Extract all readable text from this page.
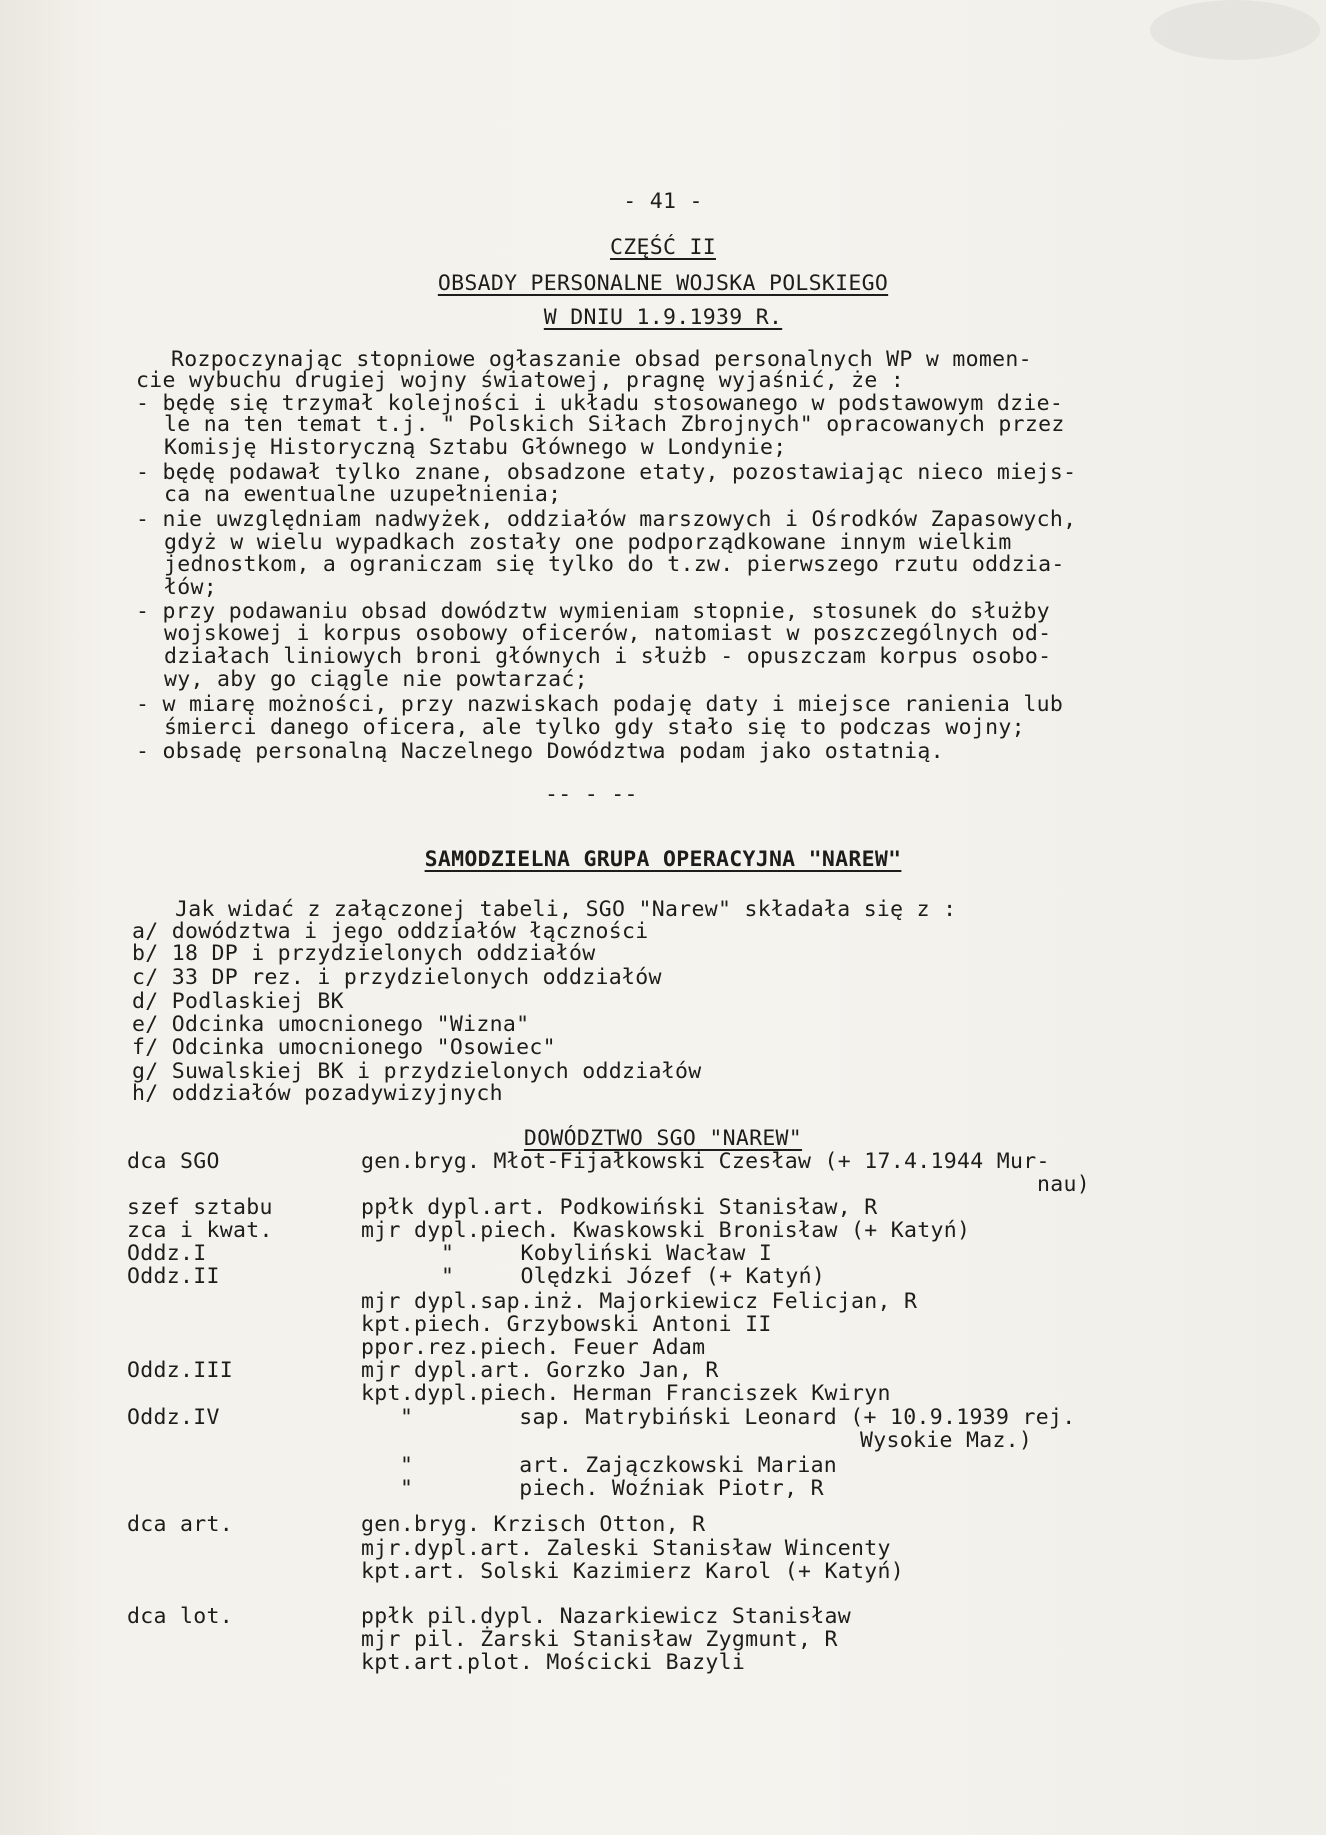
- 41 -
CZĘŚĆ II
OBSADY PERSONALNE WOJSKA POLSKIEGO
W DNIU 1.9.1939 R.
Rozpoczynając stopniowe ogłaszanie obsad personalnych WP w momen-
cie wybuchu drugiej wojny światowej, pragnę wyjaśnić, że :
- będę się trzymał kolejności i układu stosowanego w podstawowym dzie-
le na ten temat t.j. " Polskich Siłach Zbrojnych" opracowanych przez
Komisję Historyczną Sztabu Głównego w Londynie;
- będę podawał tylko znane, obsadzone etaty, pozostawiając nieco miejs-
ca na ewentualne uzupełnienia;
- nie uwzględniam nadwyżek, oddziałów marszowych i Ośrodków Zapasowych,
gdyż w wielu wypadkach zostały one podporządkowane innym wielkim
jednostkom, a ograniczam się tylko do t.zw. pierwszego rzutu oddzia-
łów;
- przy podawaniu obsad dowództw wymieniam stopnie, stosunek do służby
wojskowej i korpus osobowy oficerów, natomiast w poszczególnych od-
działach liniowych broni głównych i służb - opuszczam korpus osobo-
wy, aby go ciągle nie powtarzać;
- w miarę możności, przy nazwiskach podaję daty i miejsce ranienia lub
śmierci danego oficera, ale tylko gdy stało się to podczas wojny;
- obsadę personalną Naczelnego Dowództwa podam jako ostatnią.
-- - --
SAMODZIELNA GRUPA OPERACYJNA "NAREW"
Jak widać z załączonej tabeli, SGO "Narew" składała się z :
a/ dowództwa i jego oddziałów łączności
b/ 18 DP i przydzielonych oddziałów
c/ 33 DP rez. i przydzielonych oddziałów
d/ Podlaskiej BK
e/ Odcinka umocnionego "Wizna"
f/ Odcinka umocnionego "Osowiec"
g/ Suwalskiej BK i przydzielonych oddziałów
h/ oddziałów pozadywizyjnych
DOWÓDZTWO SGO "NAREW"
dca SGO	gen.bryg. Młot-Fijałkowski Czesław (+ 17.4.1944 Mur-
nau)
szef sztabu	ppłk dypl.art. Podkowiński Stanisław, R
zca i kwat.	mjr dypl.piech. Kwaskowski Bronisław (+ Katyń)
Oddz.I	"     Kobyliński Wacław I
Oddz.II	"     Olędzki Józef (+ Katyń)
mjr dypl.sap.inż. Majorkiewicz Felicjan, R
kpt.piech. Grzybowski Antoni II
ppor.rez.piech. Feuer Adam
Oddz.III	mjr dypl.art. Gorzko Jan, R
kpt.dypl.piech. Herman Franciszek Kwiryn
Oddz.IV	"        sap. Matrybiński Leonard (+ 10.9.1939 rej.
Wysokie Maz.)
"        art. Zajączkowski Marian
"        piech. Woźniak Piotr, R
dca art.	gen.bryg. Krzisch Otton, R
mjr.dypl.art. Zaleski Stanisław Wincenty
kpt.art. Solski Kazimierz Karol (+ Katyń)
dca lot.	ppłk pil.dypl. Nazarkiewicz Stanisław
mjr pil. Żarski Stanisław Zygmunt, R
kpt.art.plot. Mościcki Bazyli
